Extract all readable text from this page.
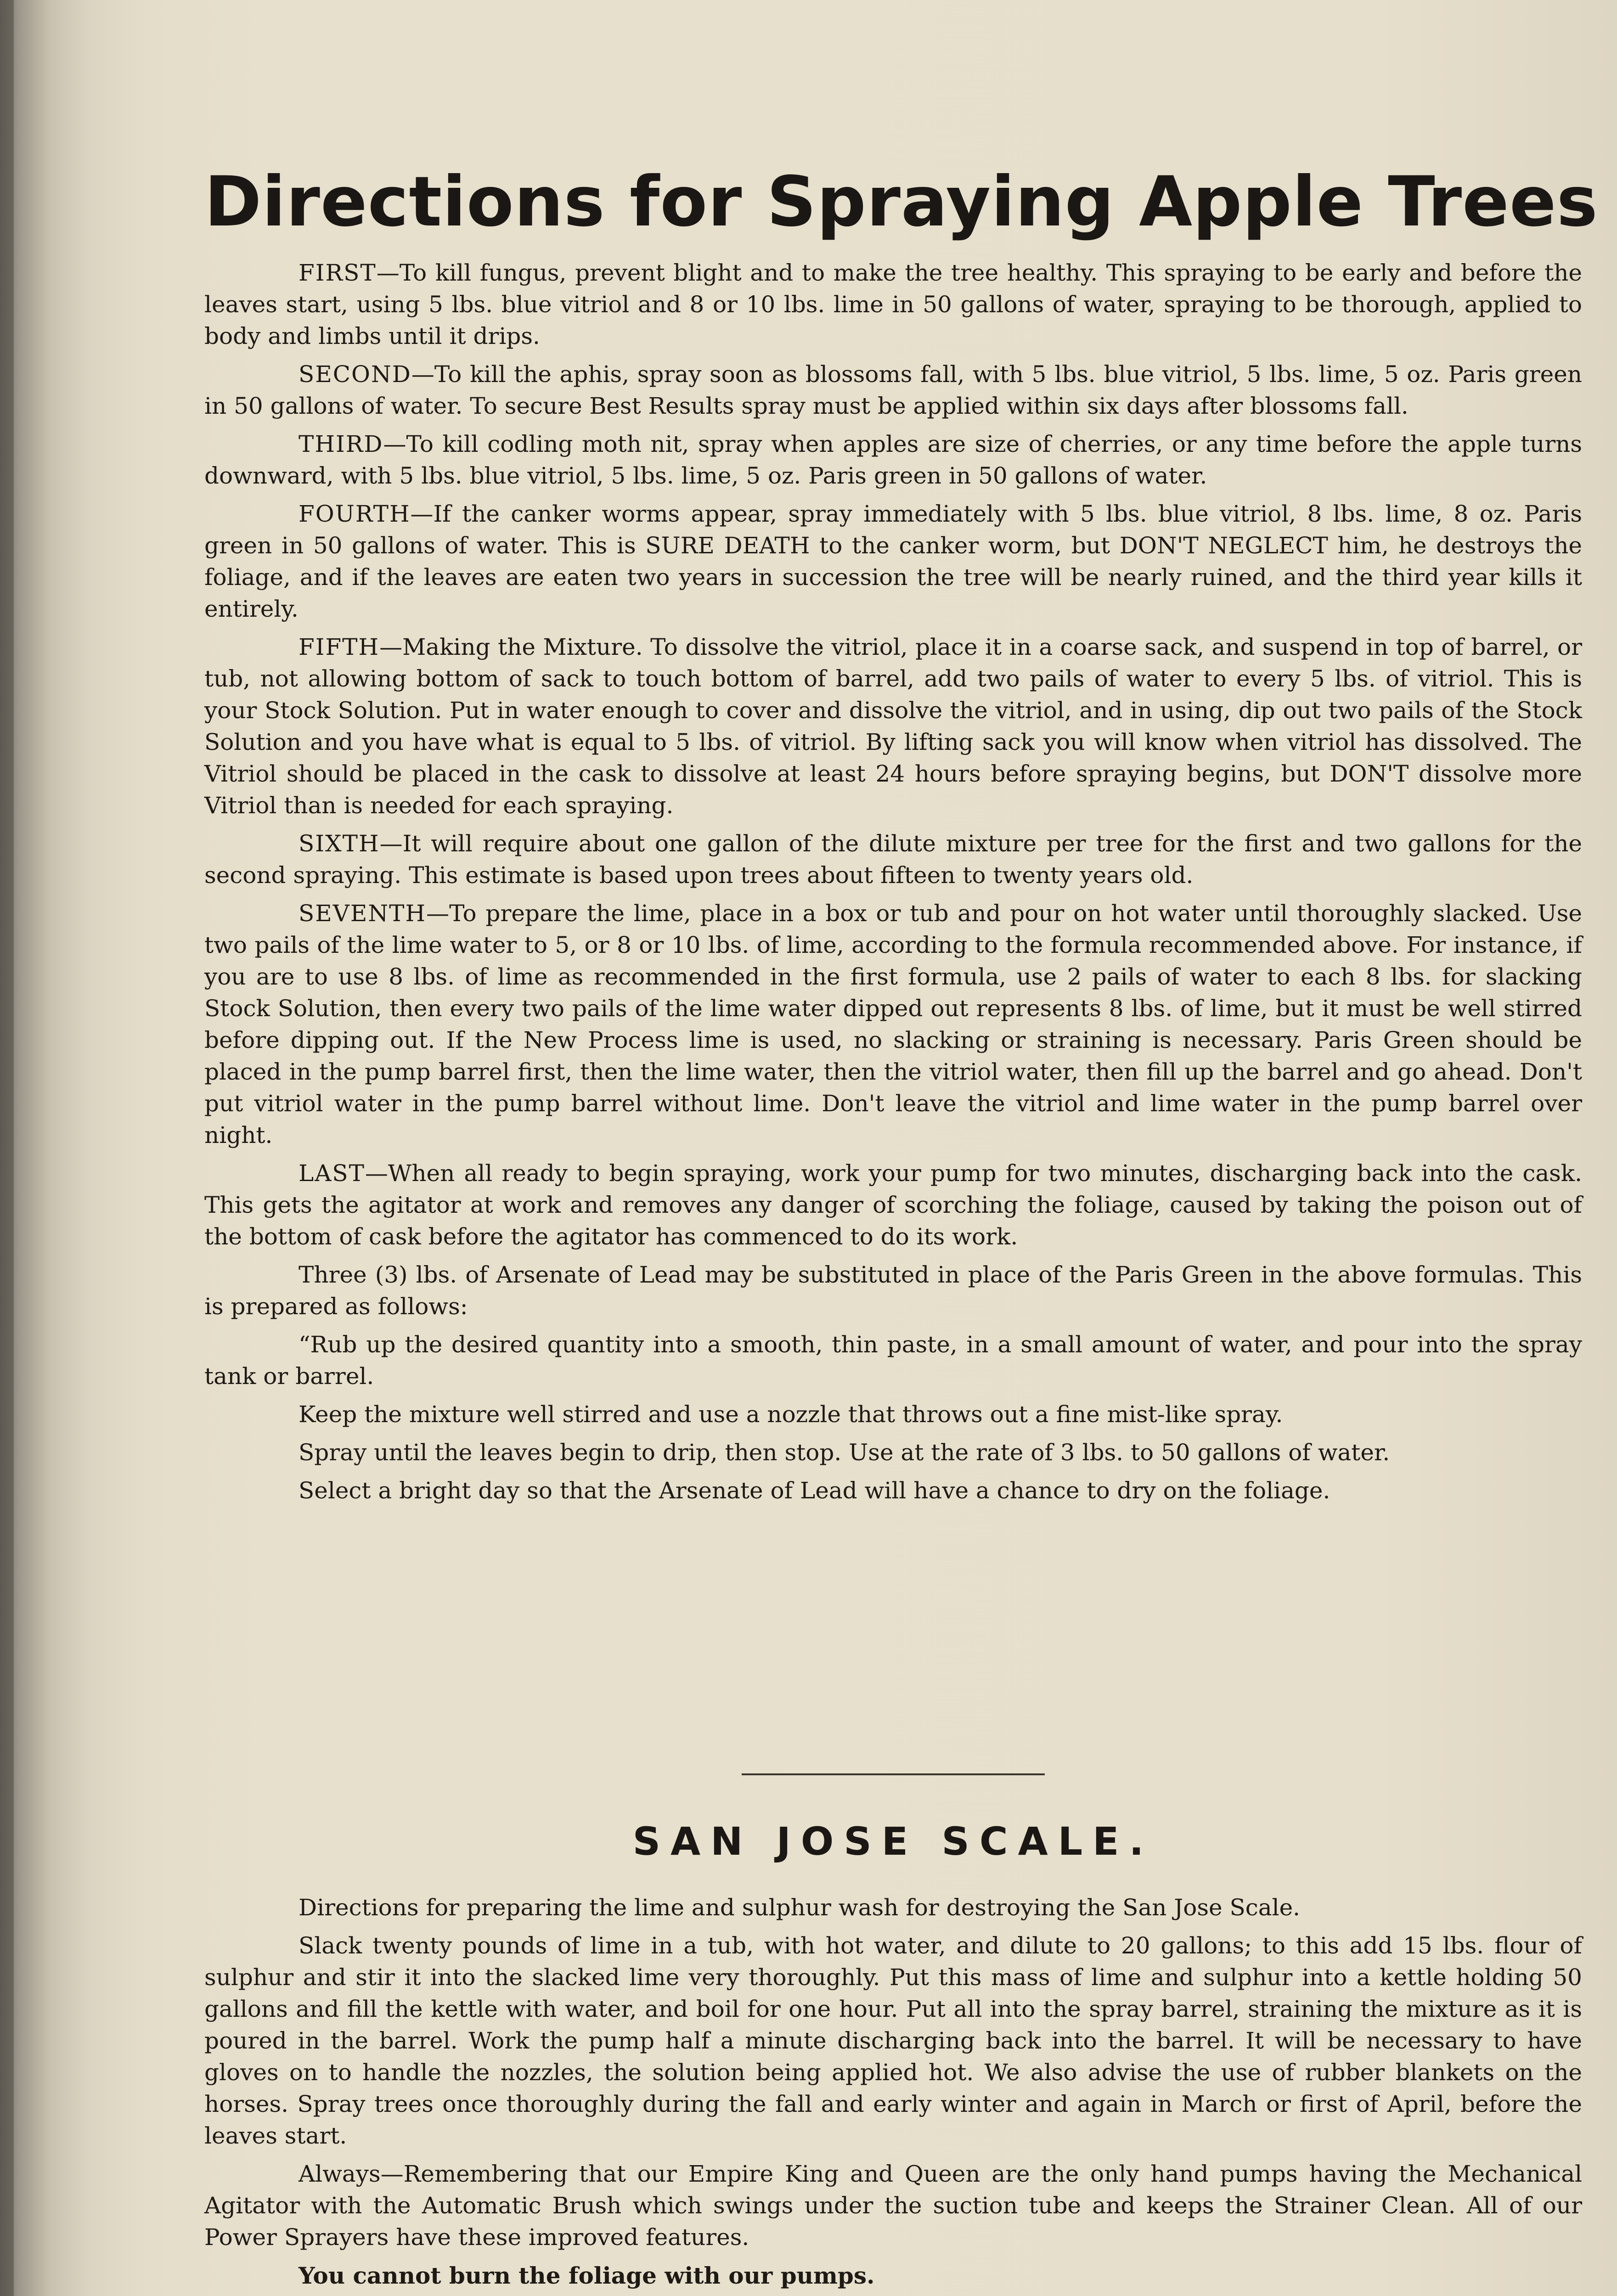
Directions for Spraying Apple Trees

FIRST—To kill fungus, prevent blight and to make the tree healthy. This spraying to be early and before the leaves start, using 5 lbs. blue vitriol and 8 or 10 lbs. lime in 50 gallons of water, spraying to be thorough, applied to body and limbs until it drips.

SECOND—To kill the aphis, spray soon as blossoms fall, with 5 lbs. blue vitriol, 5 lbs. lime, 5 oz. Paris green in 50 gallons of water. To secure Best Results spray must be applied within six days after blossoms fall.

THIRD—To kill codling moth nit, spray when apples are size of cherries, or any time before the apple turns downward, with 5 lbs. blue vitriol, 5 lbs. lime, 5 oz. Paris green in 50 gallons of water.

FOURTH—If the canker worms appear, spray immediately with 5 lbs. blue vitriol, 8 lbs. lime, 8 oz. Paris green in 50 gallons of water. This is SURE DEATH to the canker worm, but DON'T NEGLECT him, he destroys the foliage, and if the leaves are eaten two years in succession the tree will be nearly ruined, and the third year kills it entirely.

FIFTH—Making the Mixture. To dissolve the vitriol, place it in a coarse sack, and suspend in top of barrel, or tub, not allowing bottom of sack to touch bottom of barrel, add two pails of water to every 5 lbs. of vitriol. This is your Stock Solution. Put in water enough to cover and dissolve the vitriol, and in using, dip out two pails of the Stock Solution and you have what is equal to 5 lbs. of vitriol. By lifting sack you will know when vitriol has dissolved. The Vitriol should be placed in the cask to dissolve at least 24 hours before spraying begins, but DON'T dissolve more Vitriol than is needed for each spraying.

SIXTH—It will require about one gallon of the dilute mixture per tree for the first and two gallons for the second spraying. This estimate is based upon trees about fifteen to twenty years old.

SEVENTH—To prepare the lime, place in a box or tub and pour on hot water until thoroughly slacked. Use two pails of the lime water to 5, or 8 or 10 lbs. of lime, according to the formula recommended above. For instance, if you are to use 8 lbs. of lime as recommended in the first formula, use 2 pails of water to each 8 lbs. for slacking Stock Solution, then every two pails of the lime water dipped out represents 8 lbs. of lime, but it must be well stirred before dipping out. If the New Process lime is used, no slacking or straining is necessary. Paris Green should be placed in the pump barrel first, then the lime water, then the vitriol water, then fill up the barrel and go ahead. Don't put vitriol water in the pump barrel without lime. Don't leave the vitriol and lime water in the pump barrel over night.

LAST—When all ready to begin spraying, work your pump for two minutes, discharging back into the cask. This gets the agitator at work and removes any danger of scorching the foliage, caused by taking the poison out of the bottom of cask before the agitator has commenced to do its work.

Three (3) lbs. of Arsenate of Lead may be substituted in place of the Paris Green in the above formulas. This is prepared as follows:

“Rub up the desired quantity into a smooth, thin paste, in a small amount of water, and pour into the spray tank or barrel.

Keep the mixture well stirred and use a nozzle that throws out a fine mist-like spray.

Spray until the leaves begin to drip, then stop. Use at the rate of 3 lbs. to 50 gallons of water.

Select a bright day so that the Arsenate of Lead will have a chance to dry on the foliage.

SAN JOSE SCALE.

Directions for preparing the lime and sulphur wash for destroying the San Jose Scale.

Slack twenty pounds of lime in a tub, with hot water, and dilute to 20 gallons; to this add 15 lbs. flour of sulphur and stir it into the slacked lime very thoroughly. Put this mass of lime and sulphur into a kettle holding 50 gallons and fill the kettle with water, and boil for one hour. Put all into the spray barrel, straining the mixture as it is poured in the barrel. Work the pump half a minute discharging back into the barrel. It will be necessary to have gloves on to handle the nozzles, the solution being applied hot. We also advise the use of rubber blankets on the horses. Spray trees once thoroughly during the fall and early winter and again in March or first of April, before the leaves start.

Always—Remembering that our Empire King and Queen are the only hand pumps having the Mechanical Agitator with the Automatic Brush which swings under the suction tube and keeps the Strainer Clean. All of our Power Sprayers have these improved features.

You cannot burn the foliage with our pumps.
